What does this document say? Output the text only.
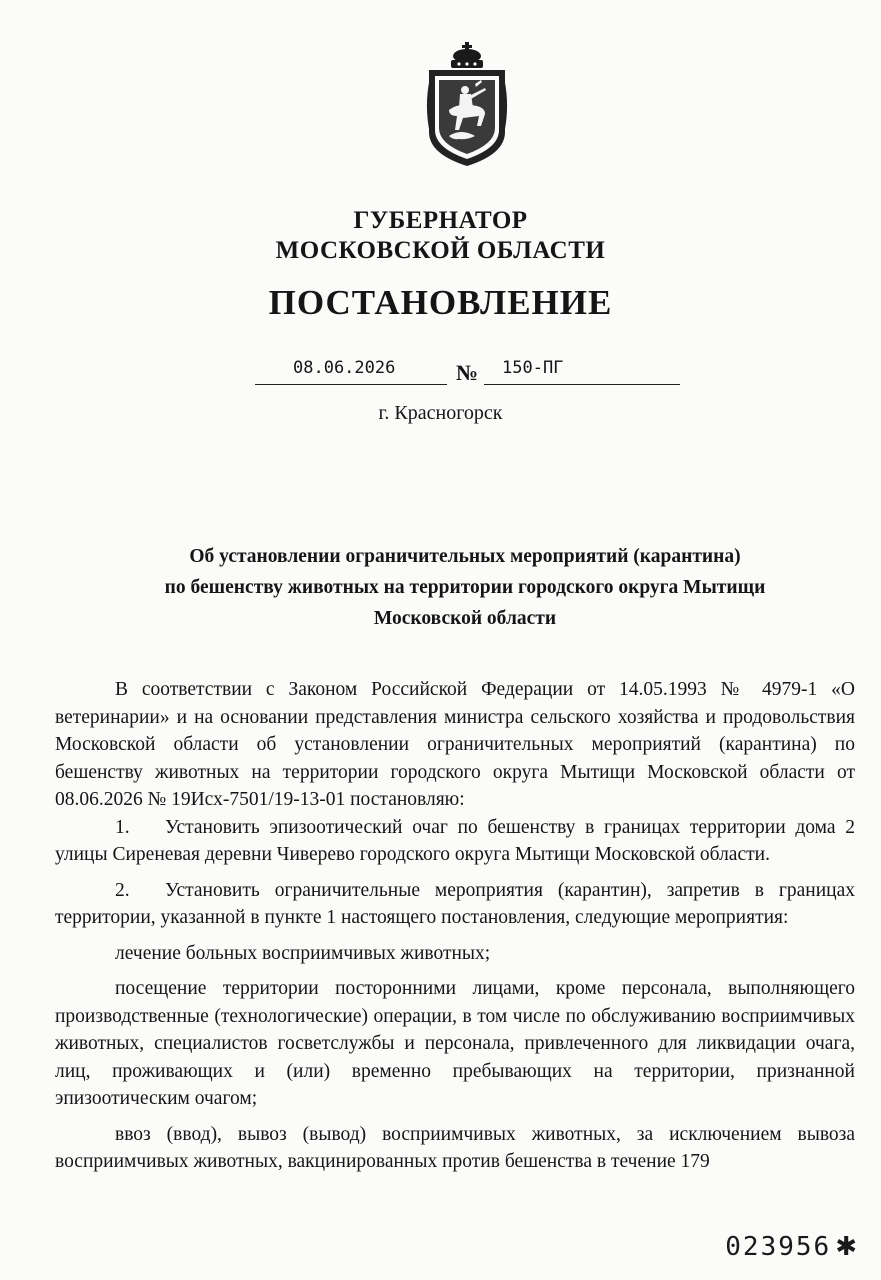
ГУБЕРНАТОР
МОСКОВСКОЙ ОБЛАСТИ
ПОСТАНОВЛЕНИЕ
08.06.2026	№ 150-ПГ
г. Красногорск
Об установлении ограничительных мероприятий (карантина)
по бешенству животных на территории городского округа Мытищи
Московской области

В соответствии с Законом Российской Федерации от 14.05.1993 № 4979-1 «О ветеринарии» и на основании представления министра сельского хозяйства и продовольствия Московской области об установлении ограничительных мероприятий (карантина) по бешенству животных на территории городского округа Мытищи Московской области от 08.06.2026 № 19Исх-7501/19-13-01 постановляю:

1. Установить эпизоотический очаг по бешенству в границах территории дома 2 улицы Сиреневая деревни Чиверево городского округа Мытищи Московской области.

2. Установить ограничительные мероприятия (карантин), запретив в границах территории, указанной в пункте 1 настоящего постановления, следующие мероприятия:

лечение больных восприимчивых животных;

посещение территории посторонними лицами, кроме персонала, выполняющего производственные (технологические) операции, в том числе по обслуживанию восприимчивых животных, специалистов госветслужбы и персонала, привлеченного для ликвидации очага, лиц, проживающих и (или) временно пребывающих на территории, признанной эпизоотическим очагом;

ввоз (ввод), вывоз (вывод) восприимчивых животных, за исключением вывоза восприимчивых животных, вакцинированных против бешенства в течение 179

023956 ✱
